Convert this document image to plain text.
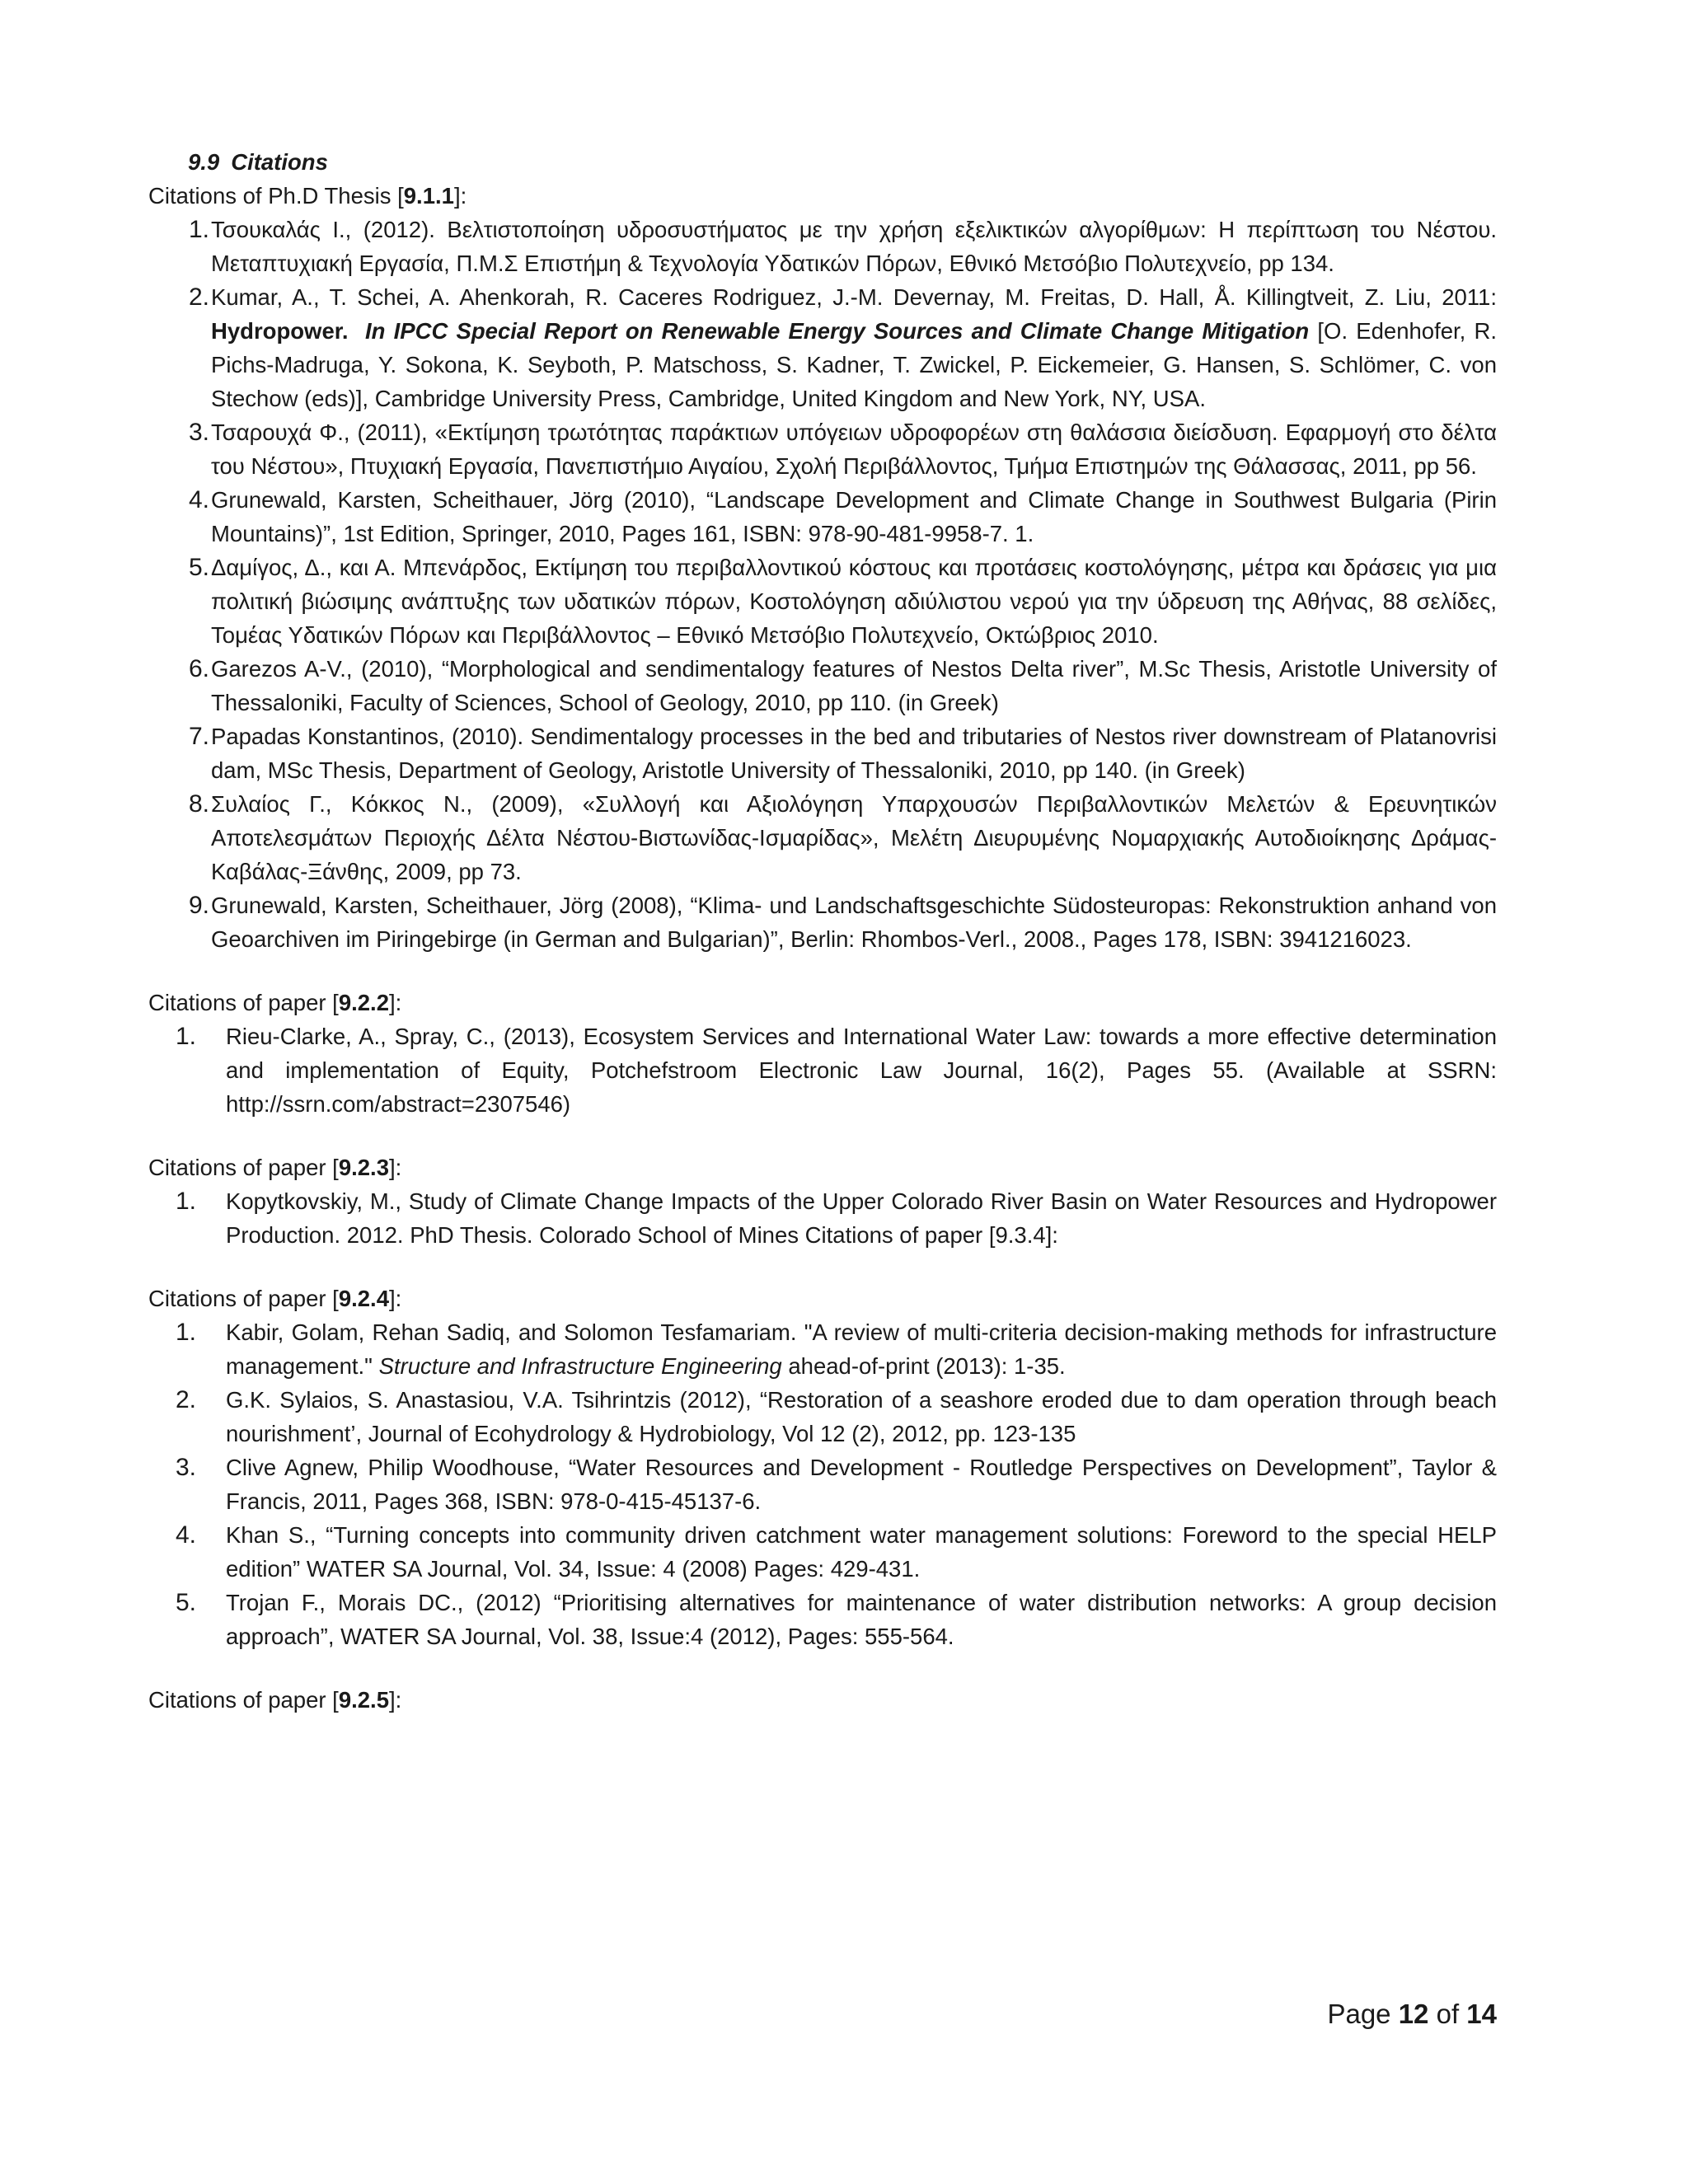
9.9 Citations
Citations of Ph.D Thesis [9.1.1]:
1. Τσουκαλάς Ι., (2012). Βελτιστοποίηση υδροσυστήματος με την χρήση εξελικτικών αλγορίθμων: Η περίπτωση του Νέστου. Μεταπτυχιακή Εργασία, Π.Μ.Σ Επιστήμη & Τεχνολογία Υδατικών Πόρων, Εθνικό Μετσόβιο Πολυτεχνείο, pp 134.
2. Kumar, A., T. Schei, A. Ahenkorah, R. Caceres Rodriguez, J.-M. Devernay, M. Freitas, D. Hall, Å. Killingtveit, Z. Liu, 2011: Hydropower. In IPCC Special Report on Renewable Energy Sources and Climate Change Mitigation [O. Edenhofer, R. Pichs-Madruga, Y. Sokona, K. Seyboth, P. Matschoss, S. Kadner, T. Zwickel, P. Eickemeier, G. Hansen, S. Schlömer, C. von Stechow (eds)], Cambridge University Press, Cambridge, United Kingdom and New York, NY, USA.
3. Τσαρουχά Φ., (2011), «Εκτίμηση τρωτότητας παράκτιων υπόγειων υδροφορέων στη θαλάσσια διείσδυση. Εφαρμογή στο δέλτα του Νέστου», Πτυχιακή Εργασία, Πανεπιστήμιο Αιγαίου, Σχολή Περιβάλλοντος, Τμήμα Επιστημών της Θάλασσας, 2011, pp 56.
4. Grunewald, Karsten, Scheithauer, Jörg (2010), “Landscape Development and Climate Change in Southwest Bulgaria (Pirin Mountains)”, 1st Edition, Springer, 2010, Pages 161, ISBN: 978-90-481-9958-7. 1.
5. Δαμίγος, Δ., και Α. Μπενάρδος, Εκτίμηση του περιβαλλοντικού κόστους και προτάσεις κοστολόγησης, μέτρα και δράσεις για μια πολιτική βιώσιμης ανάπτυξης των υδατικών πόρων, Κοστολόγηση αδιύλιστου νερού για την ύδρευση της Αθήνας, 88 σελίδες, Τομέας Υδατικών Πόρων και Περιβάλλοντος – Εθνικό Μετσόβιο Πολυτεχνείο, Οκτώβριος 2010.
6. Garezos A-V., (2010), “Morphological and sendimentalogy features of Nestos Delta river”, M.Sc Thesis, Aristotle University of Thessaloniki, Faculty of Sciences, School of Geology, 2010, pp 110. (in Greek)
7. Papadas Konstantinos, (2010). Sendimentalogy processes in the bed and tributaries of Nestos river downstream of Platanovrisi dam, MSc Thesis, Department of Geology, Aristotle University of Thessaloniki, 2010, pp 140. (in Greek)
8. Συλαίος Γ., Κόκκος Ν., (2009), «Συλλογή και Αξιολόγηση Υπαρχουσών Περιβαλλοντικών Μελετών & Ερευνητικών Αποτελεσμάτων Περιοχής Δέλτα Νέστου-Βιστωνίδας-Ισμαρίδας», Μελέτη Διευρυμένης Νομαρχιακής Αυτοδιοίκησης Δράμας-Καβάλας-Ξάνθης, 2009, pp 73.
9. Grunewald, Karsten, Scheithauer, Jörg (2008), “Klima- und Landschaftsgeschichte Südosteuropas: Rekonstruktion anhand von Geoarchiven im Piringebirge (in German and Bulgarian)”, Berlin: Rhombos-Verl., 2008., Pages 178, ISBN: 3941216023.
Citations of paper [9.2.2]:
1.	Rieu-Clarke, A., Spray, C., (2013), Ecosystem Services and International Water Law: towards a more effective determination and implementation of Equity, Potchefstroom Electronic Law Journal, 16(2), Pages 55. (Available at SSRN: http://ssrn.com/abstract=2307546)
Citations of paper [9.2.3]:
1.	Kopytkovskiy, M., Study of Climate Change Impacts of the Upper Colorado River Basin on Water Resources and Hydropower Production. 2012. PhD Thesis. Colorado School of Mines Citations of paper [9.3.4]:
Citations of paper [9.2.4]:
1.	Kabir, Golam, Rehan Sadiq, and Solomon Tesfamariam. "A review of multi-criteria decision-making methods for infrastructure management." Structure and Infrastructure Engineering ahead-of-print (2013): 1-35.
2.	G.K. Sylaios, S. Anastasiou, V.A. Tsihrintzis (2012), “Restoration of a seashore eroded due to dam operation through beach nourishment’, Journal of Ecohydrology & Hydrobiology, Vol 12 (2), 2012, pp. 123-135
3.	Clive Agnew, Philip Woodhouse, “Water Resources and Development - Routledge Perspectives on Development”, Taylor & Francis, 2011, Pages 368, ISBN: 978-0-415-45137-6.
4.	Khan S., “Turning concepts into community driven catchment water management solutions: Foreword to the special HELP edition” WATER SA Journal, Vol. 34, Issue: 4 (2008) Pages: 429-431.
5.	Trojan F., Morais DC., (2012) “Prioritising alternatives for maintenance of water distribution networks: A group decision approach”, WATER SA Journal, Vol. 38, Issue:4 (2012), Pages: 555-564.
Citations of paper [9.2.5]:
Page 12 of 14
